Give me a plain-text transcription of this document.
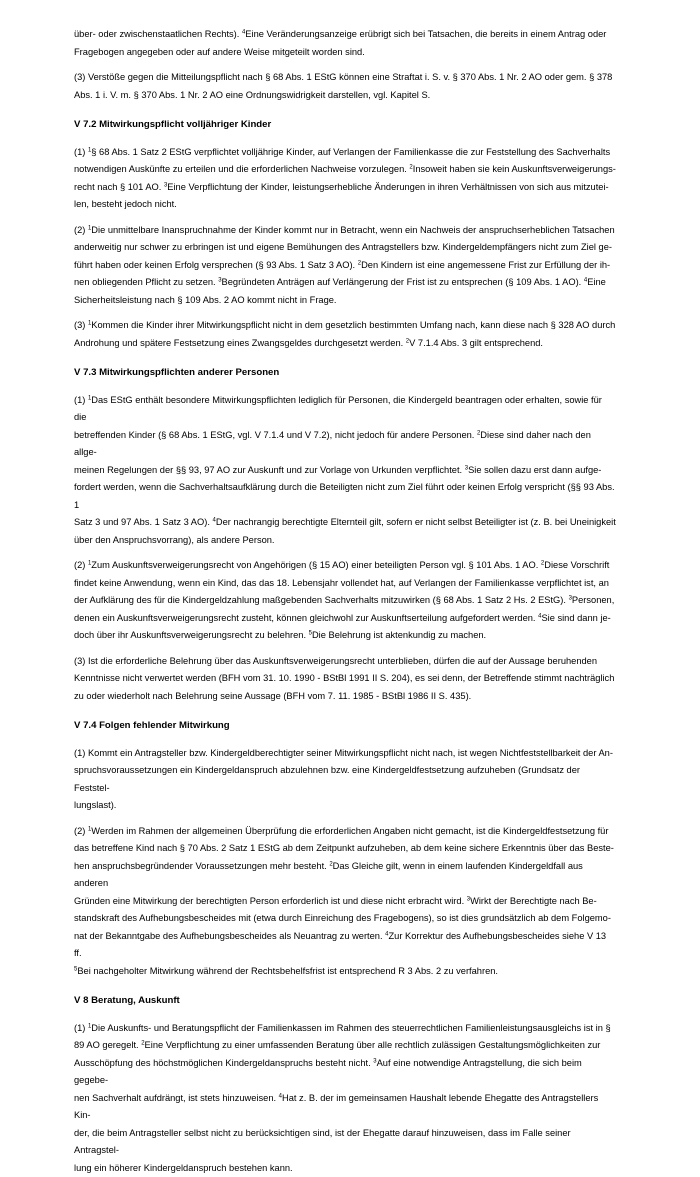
über- oder zwischenstaatlichen Rechts). $^4$Eine Veränderungsanzeige erübrigt sich bei Tatsachen, die bereits in einem Antrag oder
Fragebogen angegeben oder auf andere Weise mitgeteilt worden sind.
(3) Verstöße gegen die Mitteilungspflicht nach § 68 Abs. 1 EStG können eine Straftat i. S. v. § 370 Abs. 1 Nr. 2 AO oder gem. § 378
Abs. 1 i. V. m. § 370 Abs. 1 Nr. 2 AO eine Ordnungswidrigkeit darstellen, vgl. Kapitel S.
V 7.2 Mitwirkungspflicht volljähriger Kinder
(1) $^1$§ 68 Abs. 1 Satz 2 EStG verpflichtet volljährige Kinder, auf Verlangen der Familienkasse die zur Feststellung des Sachverhalts
notwendigen Auskünfte zu erteilen und die erforderlichen Nachweise vorzulegen. $^2$Insoweit haben sie kein Auskunftsverweigerungs-
recht nach § 101 AO. $^3$Eine Verpflichtung der Kinder, leistungserhebliche Änderungen in ihren Verhältnissen von sich aus mitzutei-
len, besteht jedoch nicht.
(2) $^1$Die unmittelbare Inanspruchnahme der Kinder kommt nur in Betracht, wenn ein Nachweis der anspruchserheblichen Tatsachen
anderweitig nur schwer zu erbringen ist und eigene Bemühungen des Antragstellers bzw. Kindergeldempfängers nicht zum Ziel ge-
führt haben oder keinen Erfolg versprechen (§ 93 Abs. 1 Satz 3 AO). $^2$Den Kindern ist eine angemessene Frist zur Erfüllung der ih-
nen obliegenden Pflicht zu setzen. $^3$Begründeten Anträgen auf Verlängerung der Frist ist zu entsprechen (§ 109 Abs. 1 AO). $^4$Eine
Sicherheitsleistung nach § 109 Abs. 2 AO kommt nicht in Frage.
(3) $^1$Kommen die Kinder ihrer Mitwirkungspflicht nicht in dem gesetzlich bestimmten Umfang nach, kann diese nach § 328 AO durch
Androhung und spätere Festsetzung eines Zwangsgeldes durchgesetzt werden. $^2$V 7.1.4 Abs. 3 gilt entsprechend.
V 7.3 Mitwirkungspflichten anderer Personen
(1) $^1$Das EStG enthält besondere Mitwirkungspflichten lediglich für Personen, die Kindergeld beantragen oder erhalten, sowie für die
betreffenden Kinder (§ 68 Abs. 1 EStG, vgl. V 7.1.4 und V 7.2), nicht jedoch für andere Personen. $^2$Diese sind daher nach den allge-
meinen Regelungen der §§ 93, 97 AO zur Auskunft und zur Vorlage von Urkunden verpflichtet. $^3$Sie sollen dazu erst dann aufge-
fordert werden, wenn die Sachverhaltsaufklärung durch die Beteiligten nicht zum Ziel führt oder keinen Erfolg verspricht (§§ 93 Abs. 1
Satz 3 und 97 Abs. 1 Satz 3 AO). $^4$Der nachrangig berechtigte Elternteil gilt, sofern er nicht selbst Beteiligter ist (z. B. bei Uneinigkeit
über den Anspruchsvorrang), als andere Person.
(2) $^1$Zum Auskunftsverweigerungsrecht von Angehörigen (§ 15 AO) einer beteiligten Person vgl. § 101 Abs. 1 AO. $^2$Diese Vorschrift
findet keine Anwendung, wenn ein Kind, das das 18. Lebensjahr vollendet hat, auf Verlangen der Familienkasse verpflichtet ist, an
der Aufklärung des für die Kindergeldzahlung maßgebenden Sachverhalts mitzuwirken (§ 68 Abs. 1 Satz 2 Hs. 2 EStG). $^3$Personen,
denen ein Auskunftsverweigerungsrecht zusteht, können gleichwohl zur Auskunftserteilung aufgefordert werden. $^4$Sie sind dann je-
doch über ihr Auskunftsverweigerungsrecht zu belehren. $^5$Die Belehrung ist aktenkundig zu machen.
(3) Ist die erforderliche Belehrung über das Auskunftsverweigerungsrecht unterblieben, dürfen die auf der Aussage beruhenden
Kenntnisse nicht verwertet werden (BFH vom 31. 10. 1990 - BStBl 1991 II S. 204), es sei denn, der Betreffende stimmt nachträglich
zu oder wiederholt nach Belehrung seine Aussage (BFH vom 7. 11. 1985 - BStBl 1986 II S. 435).
V 7.4 Folgen fehlender Mitwirkung
(1) Kommt ein Antragsteller bzw. Kindergeldberechtigter seiner Mitwirkungspflicht nicht nach, ist wegen Nichtfeststellbarkeit der An-
spruchsvoraussetzungen ein Kindergeldanspruch abzulehnen bzw. eine Kindergeldfestsetzung aufzuheben (Grundsatz der Feststel-
lungslast).
(2) $^1$Werden im Rahmen der allgemeinen Überprüfung die erforderlichen Angaben nicht gemacht, ist die Kindergeldfestsetzung für
das betreffene Kind nach § 70 Abs. 2 Satz 1 EStG ab dem Zeitpunkt aufzuheben, ab dem keine sichere Erkenntnis über das Beste-
hen anspruchsbegründender Voraussetzungen mehr besteht. $^2$Das Gleiche gilt, wenn in einem laufenden Kindergeldfall aus anderen
Gründen eine Mitwirkung der berechtigten Person erforderlich ist und diese nicht erbracht wird. $^3$Wirkt der Berechtigte nach Be-
standskraft des Aufhebungsbescheides mit (etwa durch Einreichung des Fragebogens), so ist dies grundsätzlich ab dem Folgemo-
nat der Bekanntgabe des Aufhebungsbescheides als Neuantrag zu werten. $^4$Zur Korrektur des Aufhebungsbescheides siehe V 13 ff.
$^5$Bei nachgeholter Mitwirkung während der Rechtsbehelfsfrist ist entsprechend R 3 Abs. 2 zu verfahren.
V 8 Beratung, Auskunft
(1) $^1$Die Auskunfts- und Beratungspflicht der Familienkassen im Rahmen des steuerrechtlichen Familienleistungsausgleichs ist in §
89 AO geregelt. $^2$Eine Verpflichtung zu einer umfassenden Beratung über alle rechtlich zulässigen Gestaltungsmöglichkeiten zur
Ausschöpfung des höchstmöglichen Kindergeldanspruchs besteht nicht. $^3$Auf eine notwendige Antragstellung, die sich beim gegebe-
nen Sachverhalt aufdrängt, ist stets hinzuweisen. $^4$Hat z. B. der im gemeinsamen Haushalt lebende Ehegatte des Antragstellers Kin-
der, die beim Antragsteller selbst nicht zu berücksichtigen sind, ist der Ehegatte darauf hinzuweisen, dass im Falle seiner Antragstel-
lung ein höherer Kindergeldanspruch bestehen kann.
